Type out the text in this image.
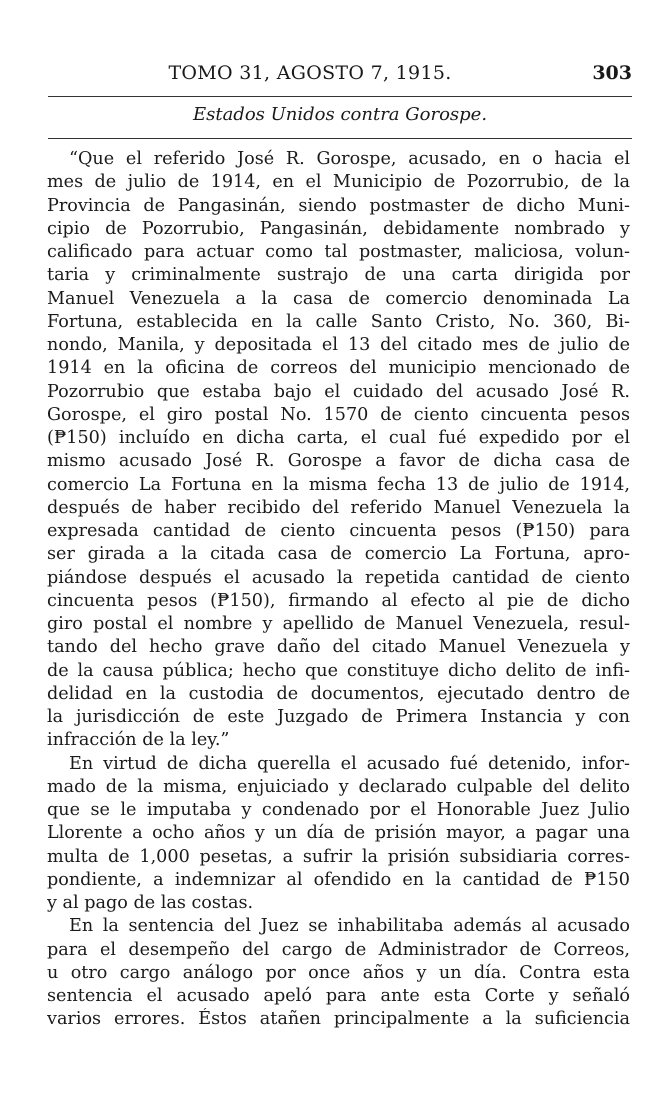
TOMO 31, AGOSTO 7, 1915.	303
Estados Unidos contra Gorospe.
“Que el referido José R. Gorospe, acusado, en o hacia el
mes de julio de 1914, en el Municipio de Pozorrubio, de la
Provincia de Pangasinán, siendo postmaster de dicho Muni-
cipio de Pozorrubio, Pangasinán, debidamente nombrado y
calificado para actuar como tal postmaster, maliciosa, volun-
taria y criminalmente sustrajo de una carta dirigida por
Manuel Venezuela a la casa de comercio denominada La
Fortuna, establecida en la calle Santo Cristo, No. 360, Bi-
nondo, Manila, y depositada el 13 del citado mes de julio de
1914 en la oficina de correos del municipio mencionado de
Pozorrubio que estaba bajo el cuidado del acusado José R.
Gorospe, el giro postal No. 1570 de ciento cincuenta pesos
(₱150) incluído en dicha carta, el cual fué expedido por el
mismo acusado José R. Gorospe a favor de dicha casa de
comercio La Fortuna en la misma fecha 13 de julio de 1914,
después de haber recibido del referido Manuel Venezuela la
expresada cantidad de ciento cincuenta pesos (₱150) para
ser girada a la citada casa de comercio La Fortuna, apro-
piándose después el acusado la repetida cantidad de ciento
cincuenta pesos (₱150), firmando al efecto al pie de dicho
giro postal el nombre y apellido de Manuel Venezuela, resul-
tando del hecho grave daño del citado Manuel Venezuela y
de la causa pública; hecho que constituye dicho delito de infi-
delidad en la custodia de documentos, ejecutado dentro de
la jurisdicción de este Juzgado de Primera Instancia y con
infracción de la ley.”
En virtud de dicha querella el acusado fué detenido, infor-
mado de la misma, enjuiciado y declarado culpable del delito
que se le imputaba y condenado por el Honorable Juez Julio
Llorente a ocho años y un día de prisión mayor, a pagar una
multa de 1,000 pesetas, a sufrir la prisión subsidiaria corres-
pondiente, a indemnizar al ofendido en la cantidad de ₱150
y al pago de las costas.
En la sentencia del Juez se inhabilitaba además al acusado
para el desempeño del cargo de Administrador de Correos,
u otro cargo análogo por once años y un día. Contra esta
sentencia el acusado apeló para ante esta Corte y señaló
varios errores. Éstos atañen principalmente a la suficiencia
